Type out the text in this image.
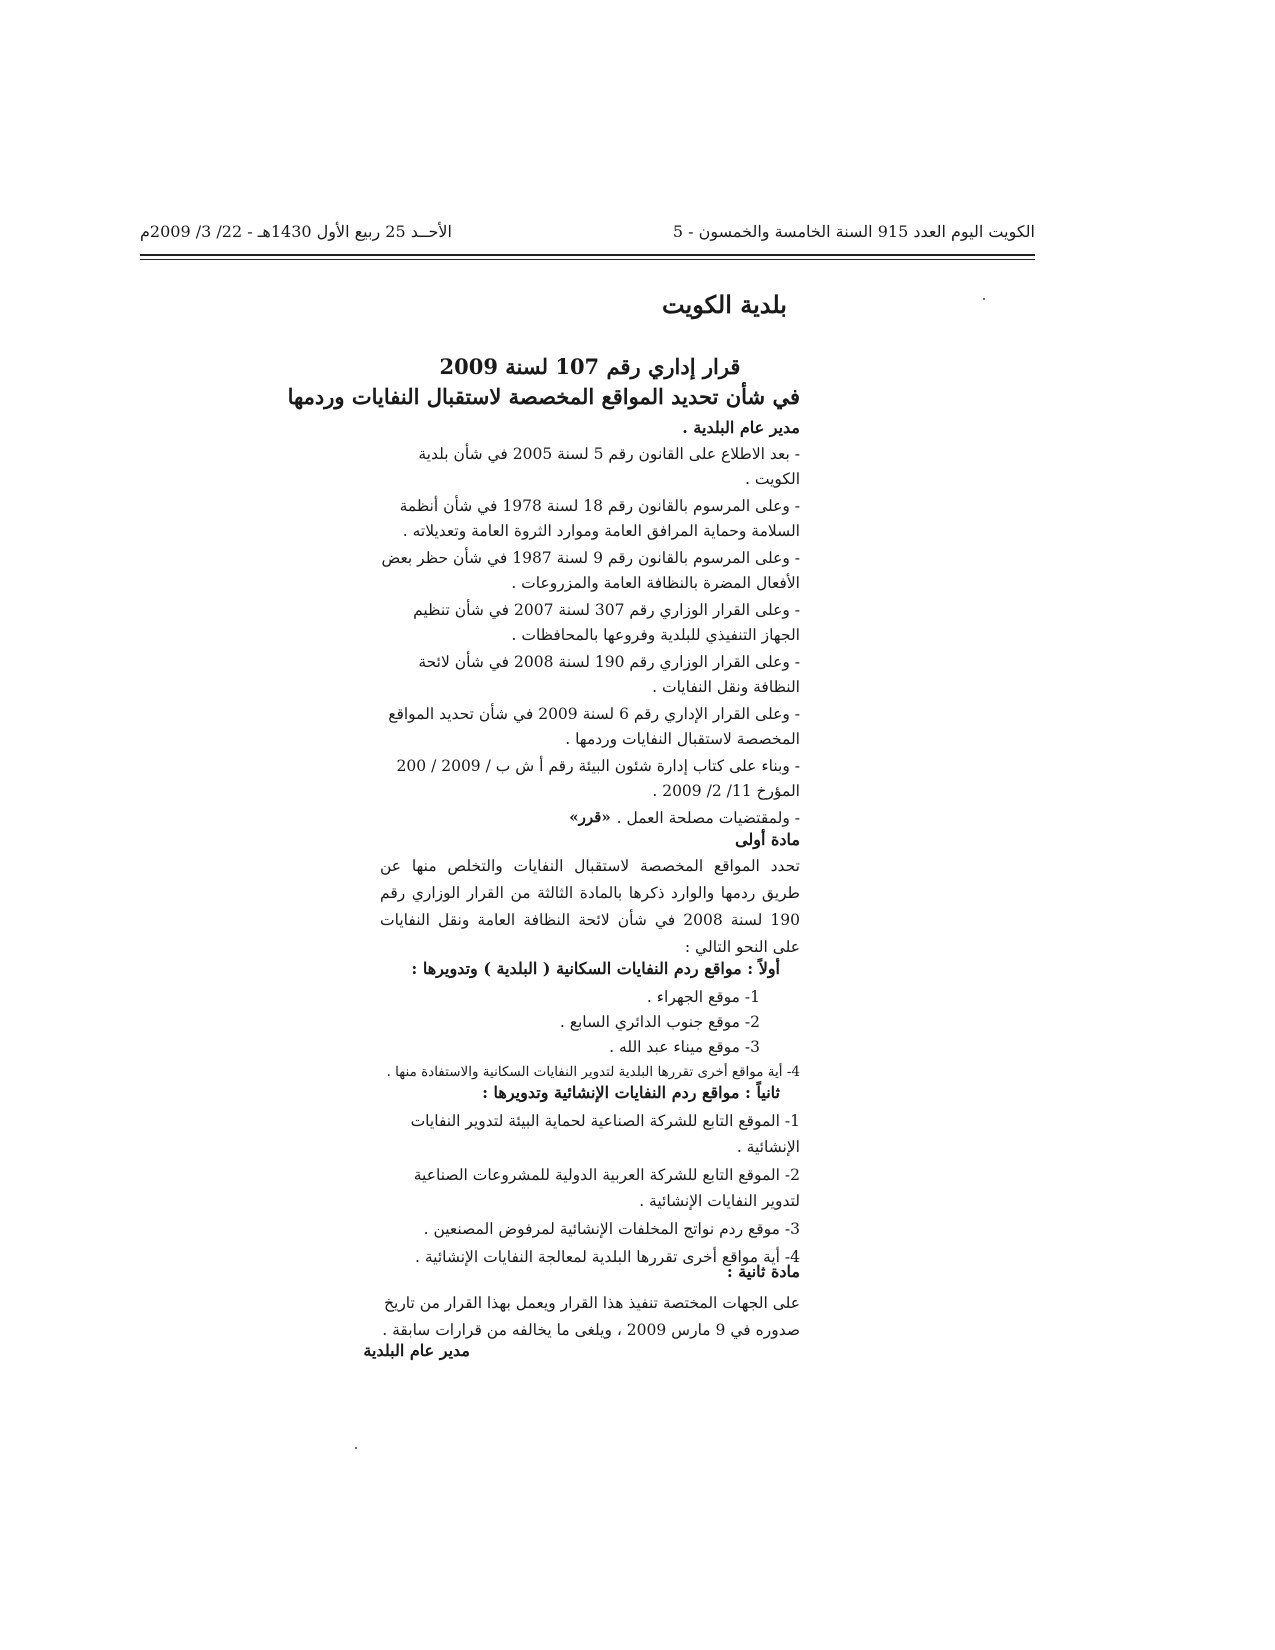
الكويت اليوم العدد 915 السنة الخامسة والخمسون - 5
الأحــد 25 ربيع الأول 1430هـ - 22/ 3/ 2009م
بلدية الكويت
قرار إداري رقم 107 لسنة 2009
في شأن تحديد المواقع المخصصة لاستقبال النفايات وردمها
مدير عام البلدية .

- بعد الاطلاع على القانون رقم 5 لسنة 2005 في شأن بلدية الكويت .

- وعلى المرسوم بالقانون رقم 18 لسنة 1978 في شأن أنظمة السلامة وحماية المرافق العامة وموارد الثروة العامة وتعديلاته .

- وعلى المرسوم بالقانون رقم 9 لسنة 1987 في شأن حظر بعض الأفعال المضرة بالنظافة العامة والمزروعات .

- وعلى القرار الوزاري رقم 307 لسنة 2007 في شأن تنظيم الجهاز التنفيذي للبلدية وفروعها بالمحافظات .

- وعلى القرار الوزاري رقم 190 لسنة 2008 في شأن لائحة النظافة ونقل النفايات .

- وعلى القرار الإداري رقم 6 لسنة 2009 في شأن تحديد المواقع المخصصة لاستقبال النفايات وردمها .

- وبناء على كتاب إدارة شئون البيئة رقم أ ش ب / 2009 / 200 المؤرخ 11/ 2/ 2009 .

- ولمقتضيات مصلحة العمل .

«قرر»
مادة أولى
تحدد المواقع المخصصة لاستقبال النفايات والتخلص منها عن طريق ردمها والوارد ذكرها بالمادة الثالثة من القرار الوزاري رقم 190 لسنة 2008 في شأن لائحة النظافة العامة ونقل النفايات على النحو التالي :
أولاً : مواقع ردم النفايات السكانية ( البلدية ) وتدويرها :
1- موقع الجهراء .
2- موقع جنوب الدائري السابع .
3- موقع ميناء عبد الله .
4- أية مواقع أخرى تقررها البلدية لتدوير النفايات السكانية والاستفادة منها .
ثانياً : مواقع ردم النفايات الإنشائية وتدويرها :

1- الموقع التابع للشركة الصناعية لحماية البيئة لتدوير النفايات الإنشائية .

2- الموقع التابع للشركة العربية الدولية للمشروعات الصناعية لتدوير النفايات الإنشائية .

3- موقع ردم نواتج المخلفات الإنشائية لمرفوض المصنعين .

4- أية مواقع أخرى تقررها البلدية لمعالجة النفايات الإنشائية .

مادة ثانية :
على الجهات المختصة تنفيذ هذا القرار ويعمل بهذا القرار من تاريخ صدوره في 9 مارس 2009 ، ويلغى ما يخالفه من قرارات سابقة .
مدير عام البلدية
